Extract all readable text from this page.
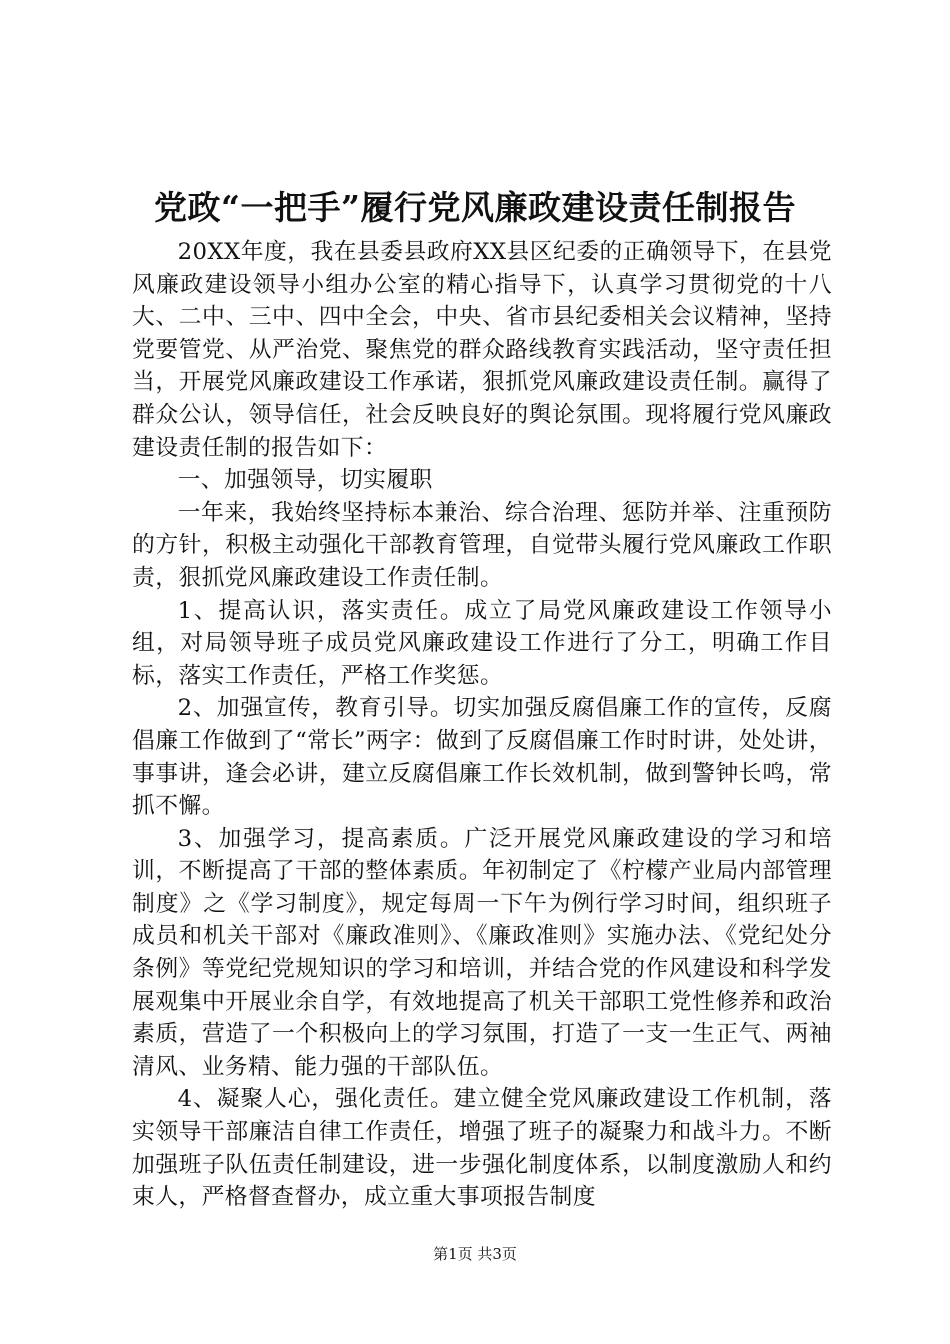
党政“一把手”履行党风廉政建设责任制报告

20XX年度，我在县委县政府XX县区纪委的正确领导下，在县党风廉政建设领导小组办公室的精心指导下，认真学习贯彻党的十八大、二中、三中、四中全会，中央、省市县纪委相关会议精神，坚持党要管党、从严治党、聚焦党的群众路线教育实践活动，坚守责任担当，开展党风廉政建设工作承诺，狠抓党风廉政建设责任制。赢得了群众公认，领导信任，社会反映良好的舆论氛围。现将履行党风廉政建设责任制的报告如下：

一、加强领导，切实履职

一年来，我始终坚持标本兼治、综合治理、惩防并举、注重预防的方针，积极主动强化干部教育管理，自觉带头履行党风廉政工作职责，狠抓党风廉政建设工作责任制。

1、提高认识，落实责任。成立了局党风廉政建设工作领导小组，对局领导班子成员党风廉政建设工作进行了分工，明确工作目标，落实工作责任，严格工作奖惩。

2、加强宣传，教育引导。切实加强反腐倡廉工作的宣传，反腐倡廉工作做到了“常长”两字：做到了反腐倡廉工作时时讲，处处讲，事事讲，逢会必讲，建立反腐倡廉工作长效机制，做到警钟长鸣，常抓不懈。

3、加强学习，提高素质。广泛开展党风廉政建设的学习和培训，不断提高了干部的整体素质。年初制定了《柠檬产业局内部管理制度》之《学习制度》，规定每周一下午为例行学习时间，组织班子成员和机关干部对《廉政准则》、《廉政准则》实施办法、《党纪处分条例》等党纪党规知识的学习和培训，并结合党的作风建设和科学发展观集中开展业余自学，有效地提高了机关干部职工党性修养和政治素质，营造了一个积极向上的学习氛围，打造了一支一生正气、两袖清风、业务精、能力强的干部队伍。

4、凝聚人心，强化责任。建立健全党风廉政建设工作机制，落实领导干部廉洁自律工作责任，增强了班子的凝聚力和战斗力。不断加强班子队伍责任制建设，进一步强化制度体系，以制度激励人和约束人，严格督查督办，成立重大事项报告制度

第1页 共3页
